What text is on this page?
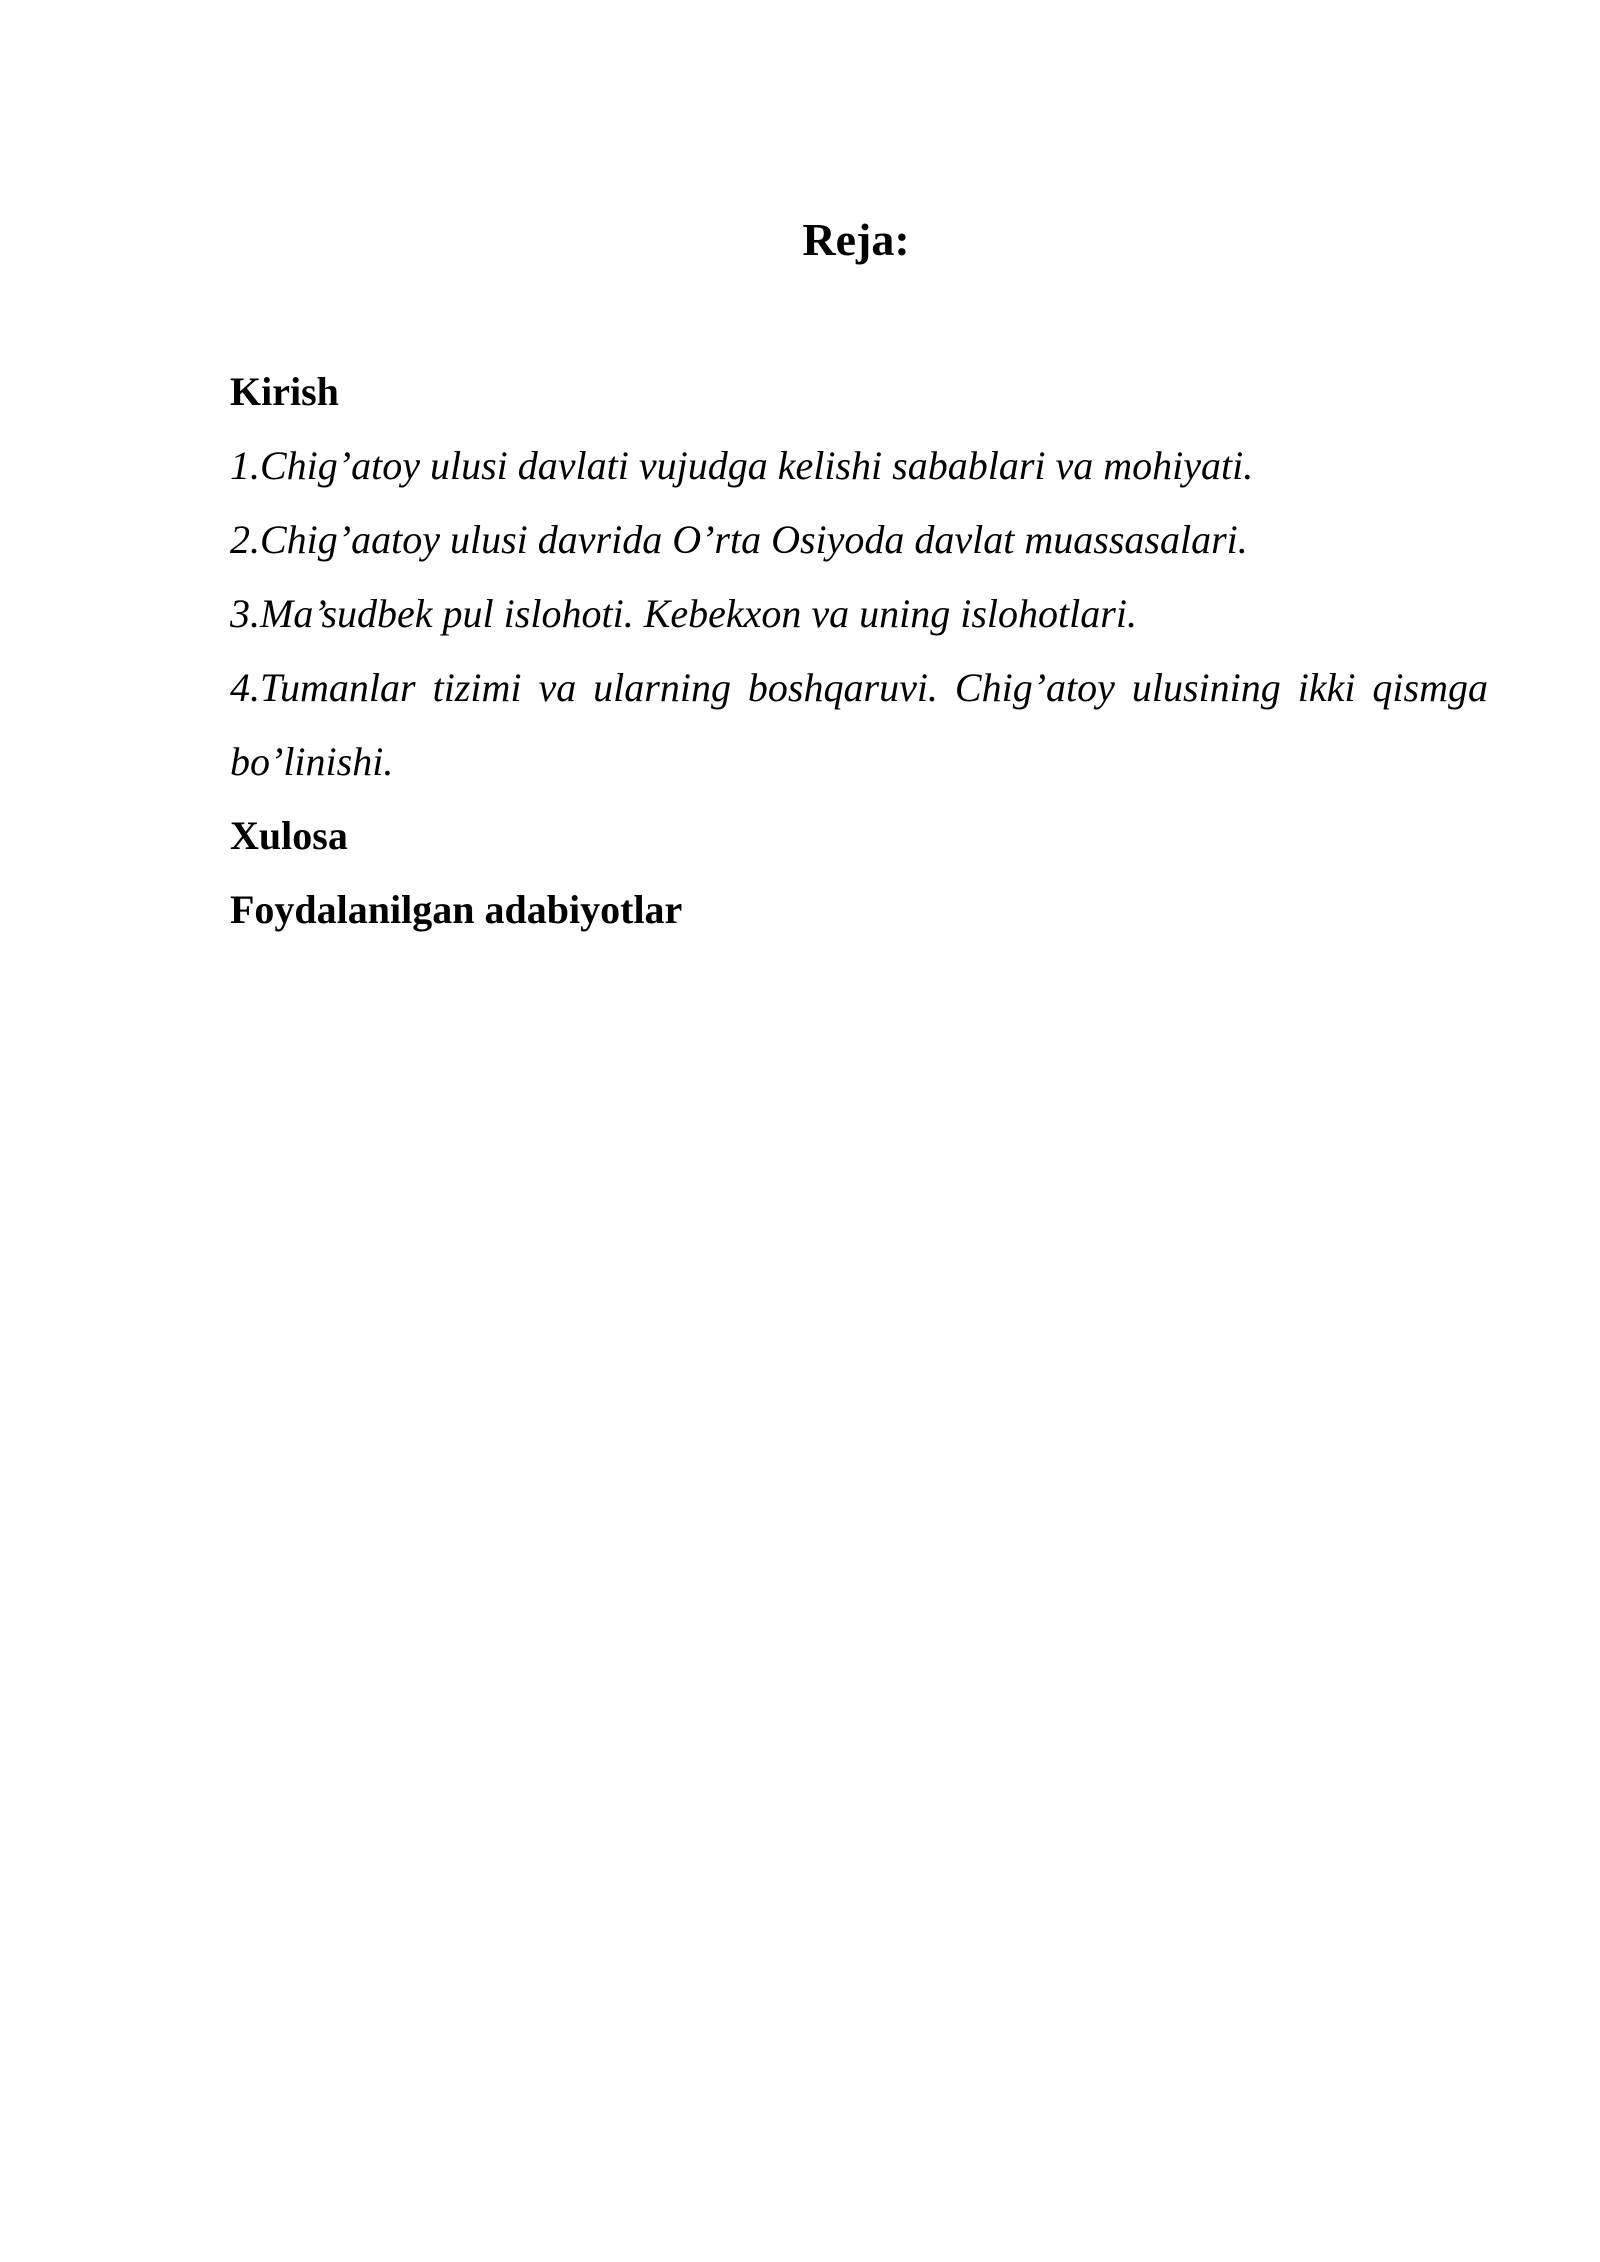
Reja:

Kirish

1.Chig’atoy ulusi davlati vujudga kelishi sabablari va mohiyati.

2.Chig’aatoy ulusi davrida O’rta Osiyoda davlat muassasalari.

3.Ma’sudbek pul islohoti. Kebekxon va uning islohotlari.

4.Tumanlar tizimi va ularning boshqaruvi. Chig’atoy ulusining ikki qismga bo’linishi.

Xulosa

Foydalanilgan adabiyotlar
